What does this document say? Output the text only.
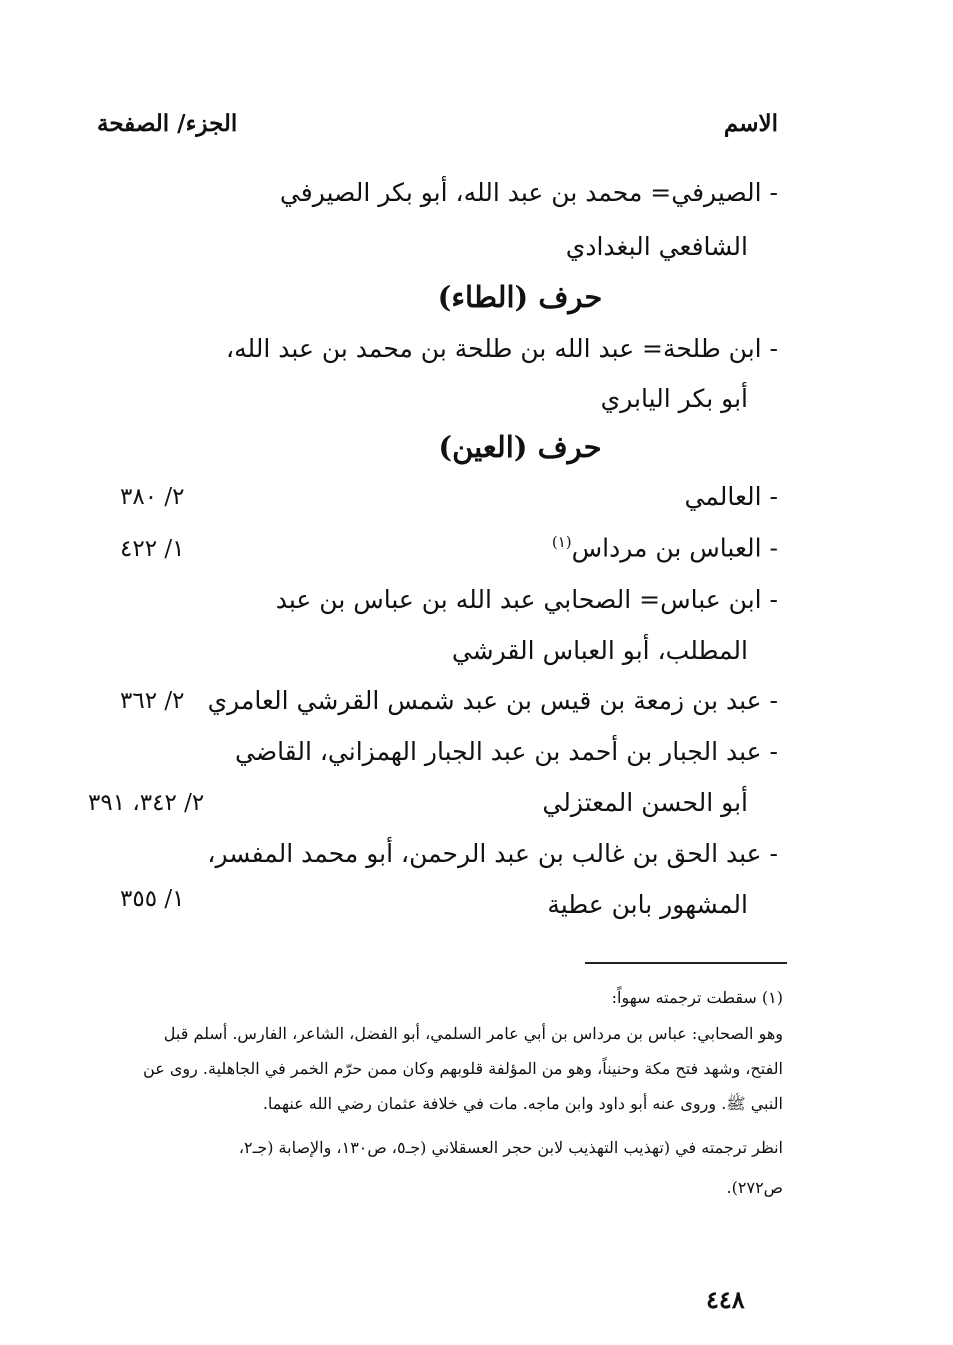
الاسم
الجزء/ الصفحة
- الصيرفي= محمد بن عبد الله، أبو بكر الصيرفي
الشافعي البغدادي
حرف (الطاء)
- ابن طلحة= عبد الله بن طلحة بن محمد بن عبد الله،
أبو بكر اليابري
حرف (العين)
- العالمي
٢/ ٣٨٠
- العباس بن مرداس$^{(١)}$
١/ ٤٢٢
- ابن عباس= الصحابي عبد الله بن عباس بن عبد
المطلب، أبو العباس القرشي
- عبد بن زمعة بن قيس بن عبد شمس القرشي العامري
٢/ ٣٦٢
- عبد الجبار بن أحمد بن عبد الجبار الهمزاني، القاضي
أبو الحسن المعتزلي
٢/ ٣٤٢، ٣٩١
- عبد الحق بن غالب بن عبد الرحمن، أبو محمد المفسر،
المشهور بابن عطية
١/ ٣٥٥
(١) سقطت ترجمته سهواً:
وهو الصحابي: عباس بن مرداس بن أبي عامر السلمي، أبو الفضل، الشاعر، الفارس. أسلم قبل
الفتح، وشهد فتح مكة وحنيناً، وهو من المؤلفة قلوبهم وكان ممن حرّم الخمر في الجاهلية. روى عن
النبي ﷺ. وروى عنه أبو داود وابن ماجه. مات في خلافة عثمان رضي الله عنهما.
انظر ترجمته في (تهذيب التهذيب لابن حجر العسقلاني (جـ٥، ص١٣٠، والإصابة (جـ٢،
ص٢٧٢).
٤٤٨
